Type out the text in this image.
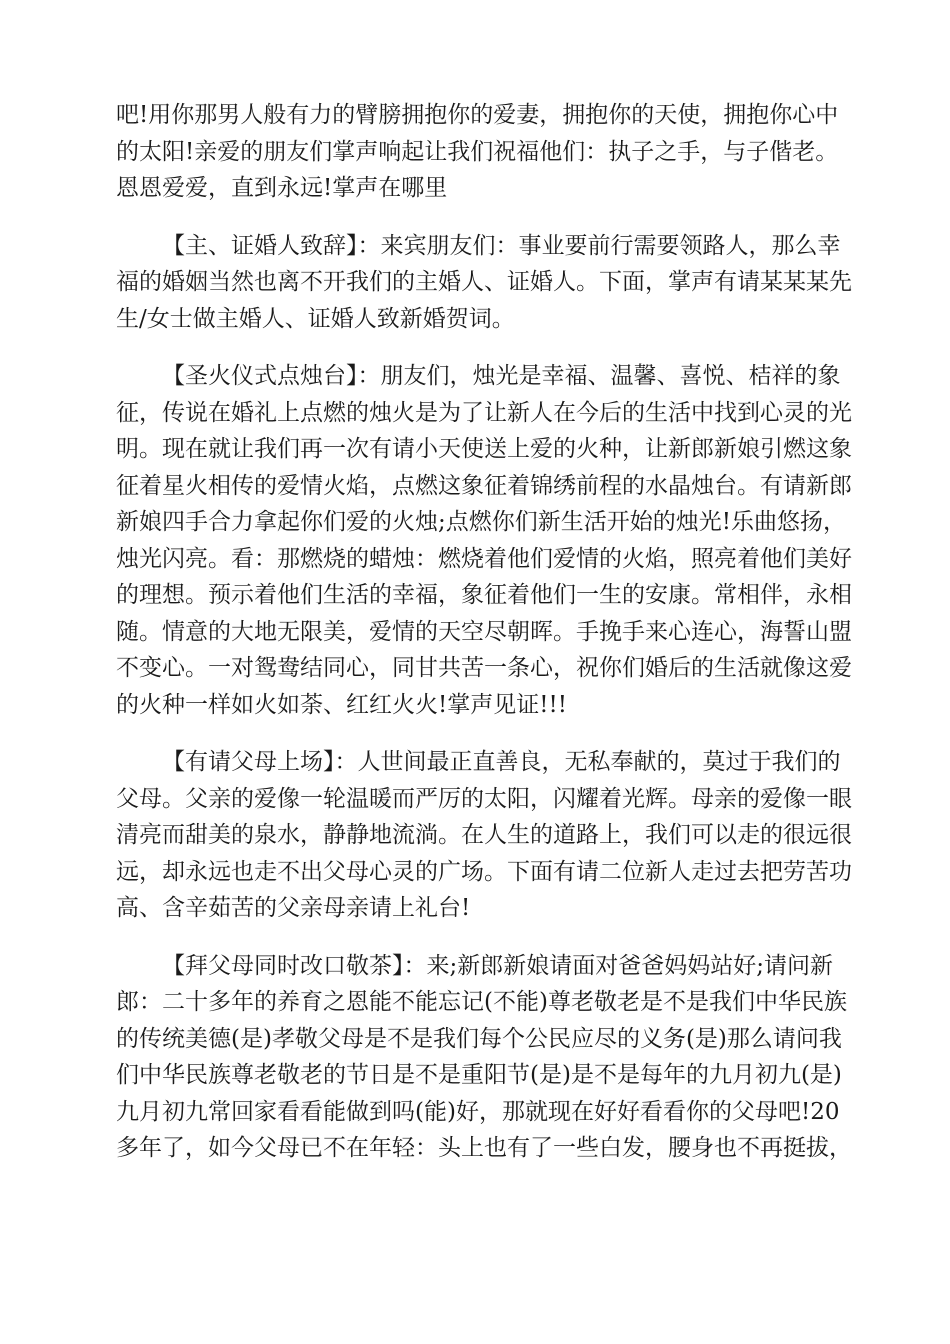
吧!用你那男人般有力的臂膀拥抱你的爱妻，拥抱你的天使，拥抱你心中
的太阳!亲爱的朋友们掌声响起让我们祝福他们：执子之手，与子偕老。
恩恩爱爱，直到永远!掌声在哪里
【主、证婚人致辞】：来宾朋友们：事业要前行需要领路人，那么幸
福的婚姻当然也离不开我们的主婚人、证婚人。下面，掌声有请某某某先
生/女士做主婚人、证婚人致新婚贺词。
【圣火仪式点烛台】：朋友们，烛光是幸福、温馨、喜悦、桔祥的象
征，传说在婚礼上点燃的烛火是为了让新人在今后的生活中找到心灵的光
明。现在就让我们再一次有请小天使送上爱的火种，让新郎新娘引燃这象
征着星火相传的爱情火焰，点燃这象征着锦绣前程的水晶烛台。有请新郎
新娘四手合力拿起你们爱的火烛;点燃你们新生活开始的烛光!乐曲悠扬，
烛光闪亮。看：那燃烧的蜡烛：燃烧着他们爱情的火焰，照亮着他们美好
的理想。预示着他们生活的幸福，象征着他们一生的安康。常相伴，永相
随。情意的大地无限美，爱情的天空尽朝晖。手挽手来心连心，海誓山盟
不变心。一对鸳鸯结同心，同甘共苦一条心，祝你们婚后的生活就像这爱
的火种一样如火如荼、红红火火!掌声见证!!!
【有请父母上场】：人世间最正直善良，无私奉献的，莫过于我们的
父母。父亲的爱像一轮温暖而严厉的太阳，闪耀着光辉。母亲的爱像一眼
清亮而甜美的泉水，静静地流淌。在人生的道路上，我们可以走的很远很
远，却永远也走不出父母心灵的广场。下面有请二位新人走过去把劳苦功
高、含辛茹苦的父亲母亲请上礼台!
【拜父母同时改口敬茶】：来;新郎新娘请面对爸爸妈妈站好;请问新
郎：二十多年的养育之恩能不能忘记(不能)尊老敬老是不是我们中华民族
的传统美德(是)孝敬父母是不是我们每个公民应尽的义务(是)那么请问我
们中华民族尊老敬老的节日是不是重阳节(是)是不是每年的九月初九(是)
九月初九常回家看看能做到吗(能)好，那就现在好好看看你的父母吧!20
多年了，如今父母已不在年轻：头上也有了一些白发，腰身也不再挺拔，
